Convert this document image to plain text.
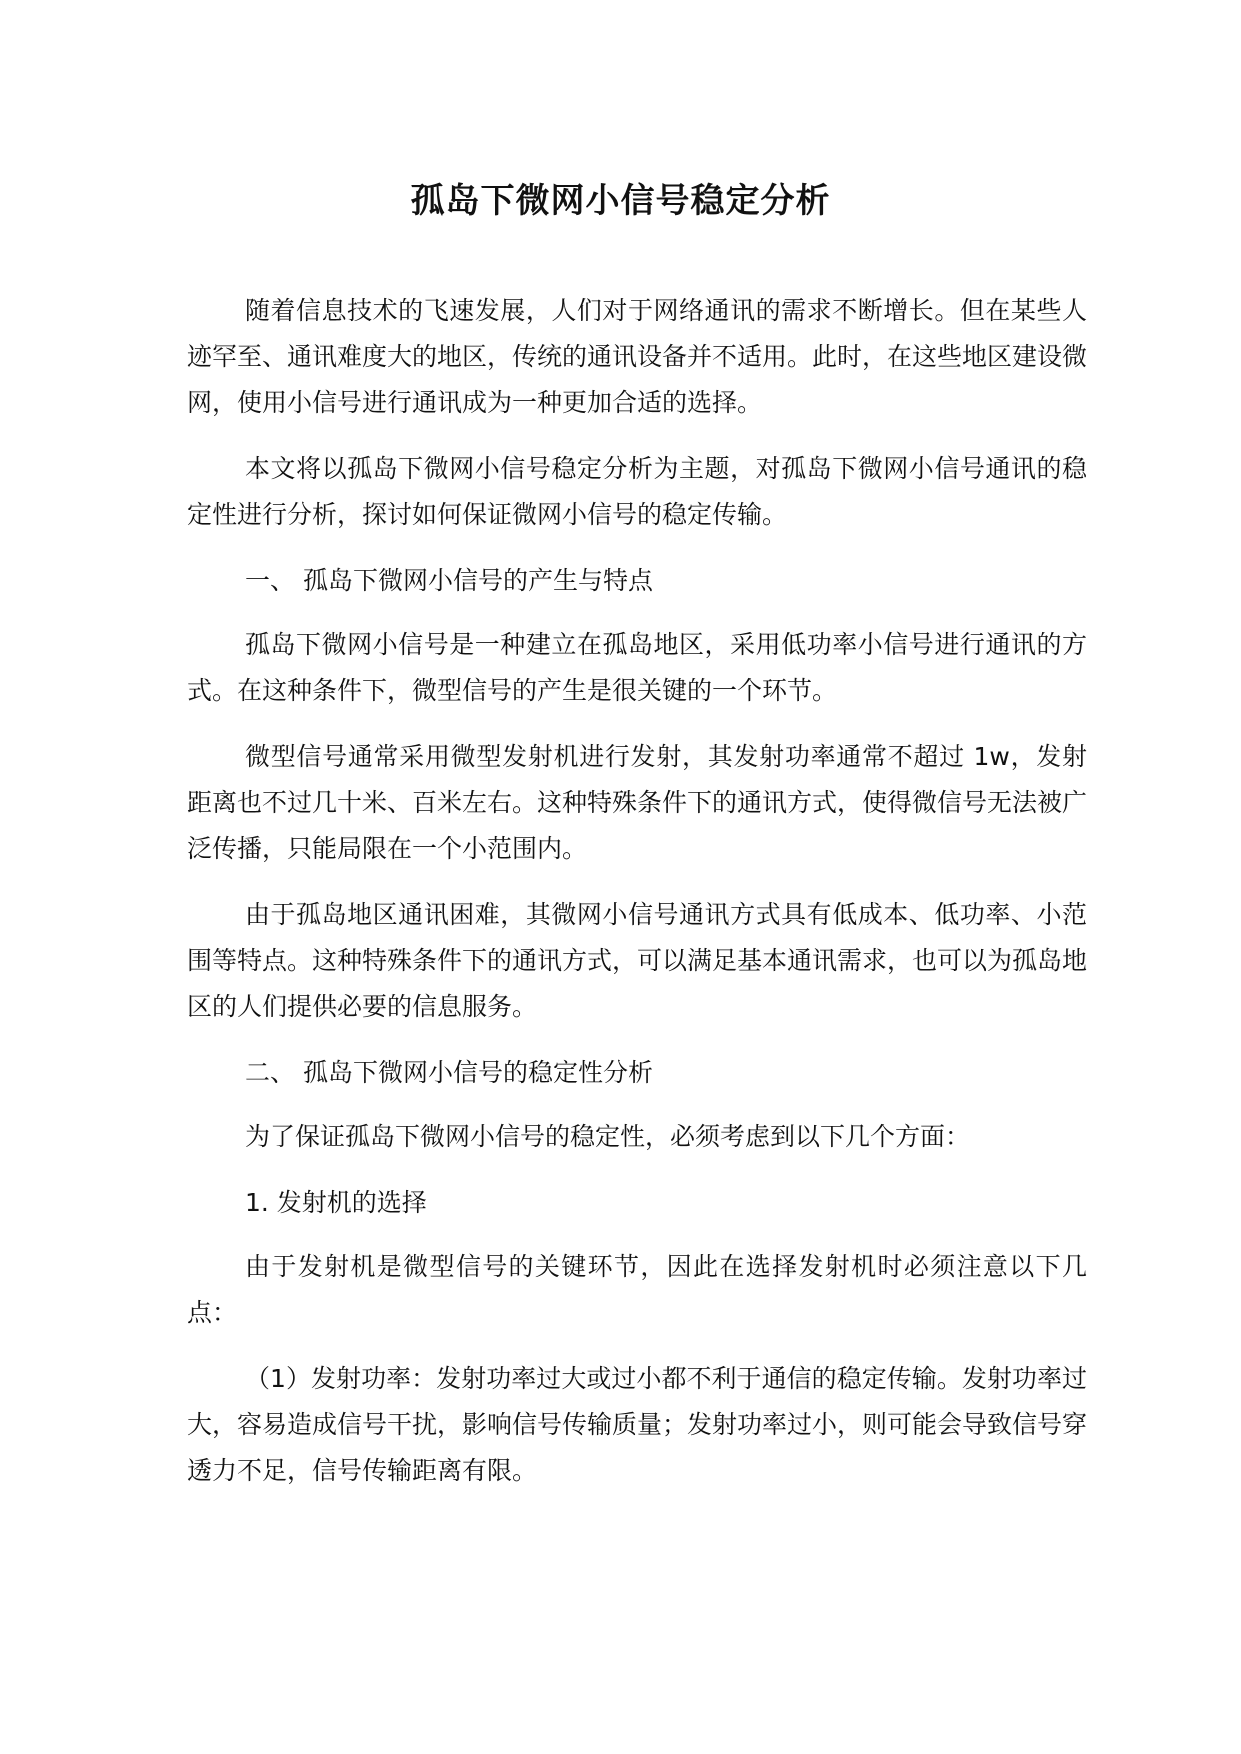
孤岛下微网小信号稳定分析

随着信息技术的飞速发展，人们对于网络通讯的需求不断增长。但在某些人迹罕至、通讯难度大的地区，传统的通讯设备并不适用。此时，在这些地区建设微网，使用小信号进行通讯成为一种更加合适的选择。

本文将以孤岛下微网小信号稳定分析为主题，对孤岛下微网小信号通讯的稳定性进行分析，探讨如何保证微网小信号的稳定传输。

一、 孤岛下微网小信号的产生与特点

孤岛下微网小信号是一种建立在孤岛地区，采用低功率小信号进行通讯的方式。在这种条件下，微型信号的产生是很关键的一个环节。

微型信号通常采用微型发射机进行发射，其发射功率通常不超过 1w，发射距离也不过几十米、百米左右。这种特殊条件下的通讯方式，使得微信号无法被广泛传播，只能局限在一个小范围内。

由于孤岛地区通讯困难，其微网小信号通讯方式具有低成本、低功率、小范围等特点。这种特殊条件下的通讯方式，可以满足基本通讯需求，也可以为孤岛地区的人们提供必要的信息服务。

二、 孤岛下微网小信号的稳定性分析

为了保证孤岛下微网小信号的稳定性，必须考虑到以下几个方面：

1. 发射机的选择

由于发射机是微型信号的关键环节，因此在选择发射机时必须注意以下几点：

（1）发射功率：发射功率过大或过小都不利于通信的稳定传输。发射功率过大，容易造成信号干扰，影响信号传输质量；发射功率过小，则可能会导致信号穿透力不足，信号传输距离有限。
